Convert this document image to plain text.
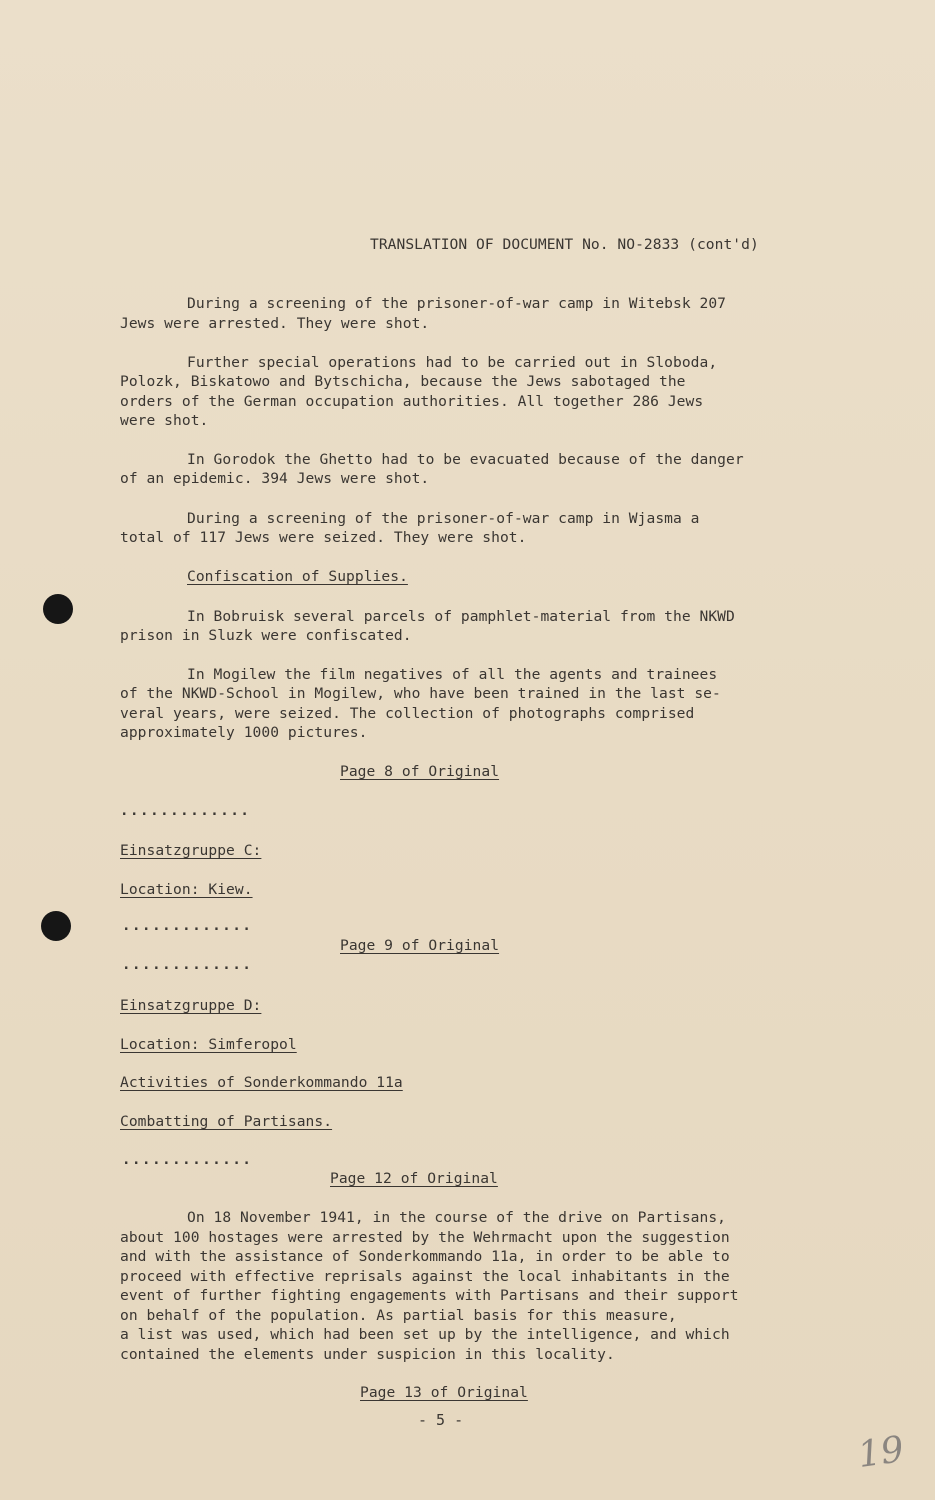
TRANSLATION OF DOCUMENT No. NO-2833 (cont'd)
During a screening of the prisoner-of-war camp in Witebsk 207
Jews were arrested. They were shot.
Further special operations had to be carried out in Sloboda,
Polozk, Biskatowo and Bytschicha, because the Jews sabotaged the
orders of the German occupation authorities. All together 286 Jews
were shot.
In Gorodok the Ghetto had to be evacuated because of the danger
of an epidemic. 394 Jews were shot.
During a screening of the prisoner-of-war camp in Wjasma a
total of 117 Jews were seized. They were shot.
Confiscation of Supplies.
In Bobruisk several parcels of pamphlet-material from the NKWD
prison in Sluzk were confiscated.
In Mogilew the film negatives of all the agents and trainees
of the NKWD-School in Mogilew, who have been trained in the last se-
veral years, were seized. The collection of photographs comprised
approximately 1000 pictures.
Page 8 of Original
.............
Einsatzgruppe C:
Location: Kiew.
.............
Page 9 of Original
.............
Einsatzgruppe D:
Location: Simferopol
Activities of Sonderkommando 11a
Combatting of Partisans.
.............
Page 12 of Original
On 18 November 1941, in the course of the drive on Partisans,
about 100 hostages were arrested by the Wehrmacht upon the suggestion
and with the assistance of Sonderkommando 11a, in order to be able to
proceed with effective reprisals against the local inhabitants in the
event of further fighting engagements with Partisans and their support
on behalf of the population. As partial basis for this measure,
a list was used, which had been set up by the intelligence, and which
contained the elements under suspicion in this locality.
Page 13 of Original
- 5 -
19
